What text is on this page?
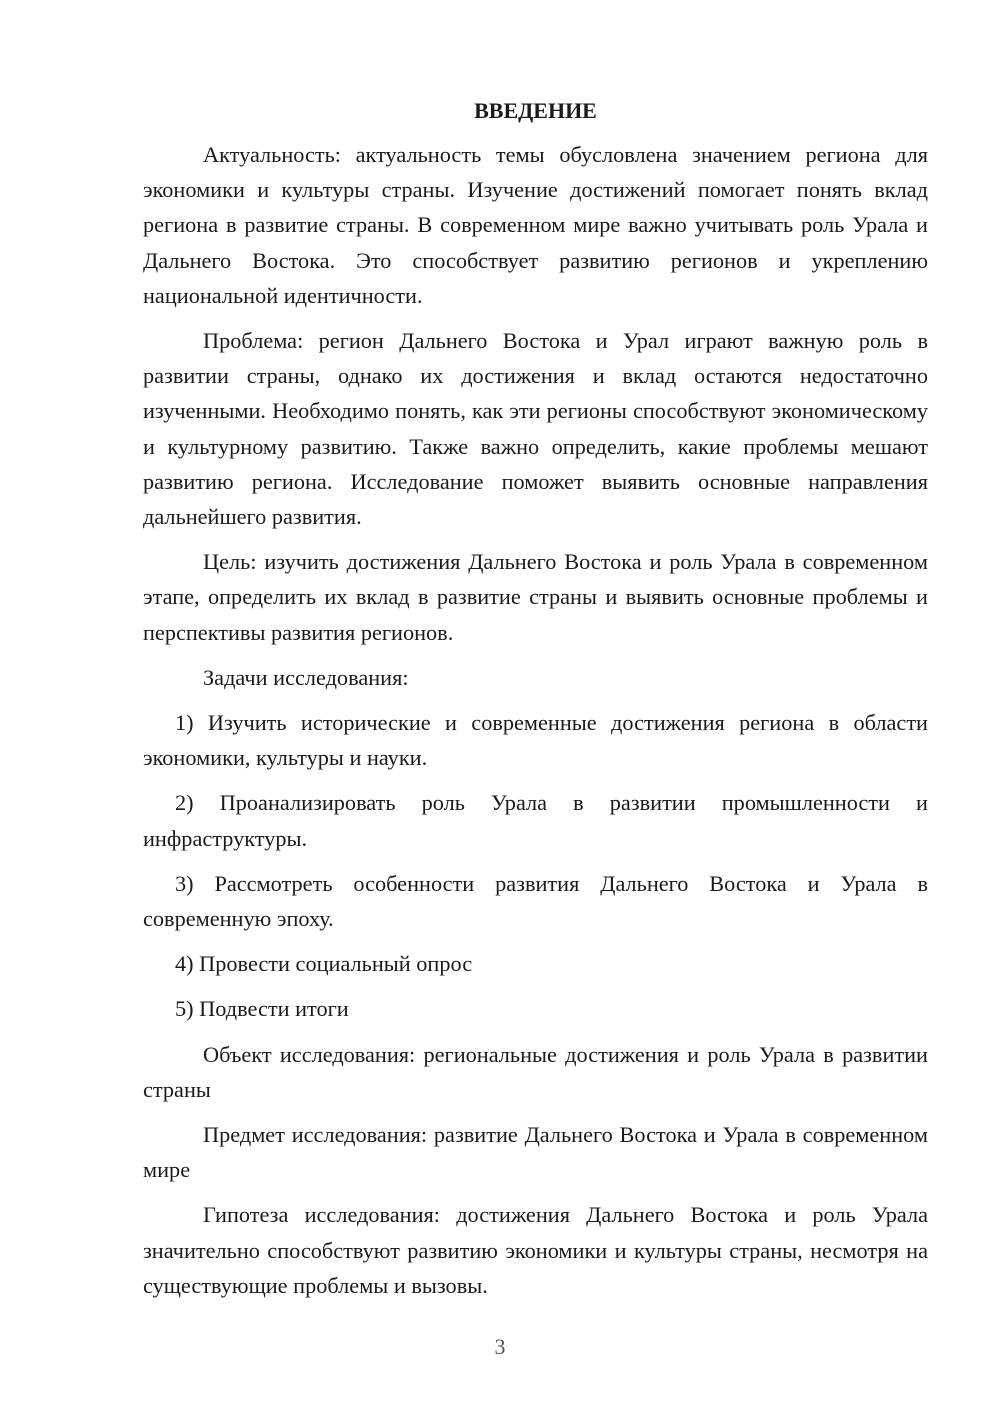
ВВЕДЕНИЕ

Актуальность: актуальность темы обусловлена значением региона для экономики и культуры страны. Изучение достижений помогает понять вклад региона в развитие страны. В современном мире важно учитывать роль Урала и Дальнего Востока. Это способствует развитию регионов и укреплению национальной идентичности.

Проблема: регион Дальнего Востока и Урал играют важную роль в развитии страны, однако их достижения и вклад остаются недостаточно изученными. Необходимо понять, как эти регионы способствуют экономическому и культурному развитию. Также важно определить, какие проблемы мешают развитию региона. Исследование поможет выявить основные направления дальнейшего развития.

Цель: изучить достижения Дальнего Востока и роль Урала в современном этапе, определить их вклад в развитие страны и выявить основные проблемы и перспективы развития регионов.

Задачи исследования:

1) Изучить исторические и современные достижения региона в области экономики, культуры и науки.

2) Проанализировать роль Урала в развитии промышленности и инфраструктуры.

3) Рассмотреть особенности развития Дальнего Востока и Урала в современную эпоху.

4) Провести социальный опрос

5) Подвести итоги

Объект исследования: региональные достижения и роль Урала в развитии страны

Предмет исследования: развитие Дальнего Востока и Урала в современном мире

Гипотеза исследования: достижения Дальнего Востока и роль Урала значительно способствуют развитию экономики и культуры страны, несмотря на существующие проблемы и вызовы.

3
